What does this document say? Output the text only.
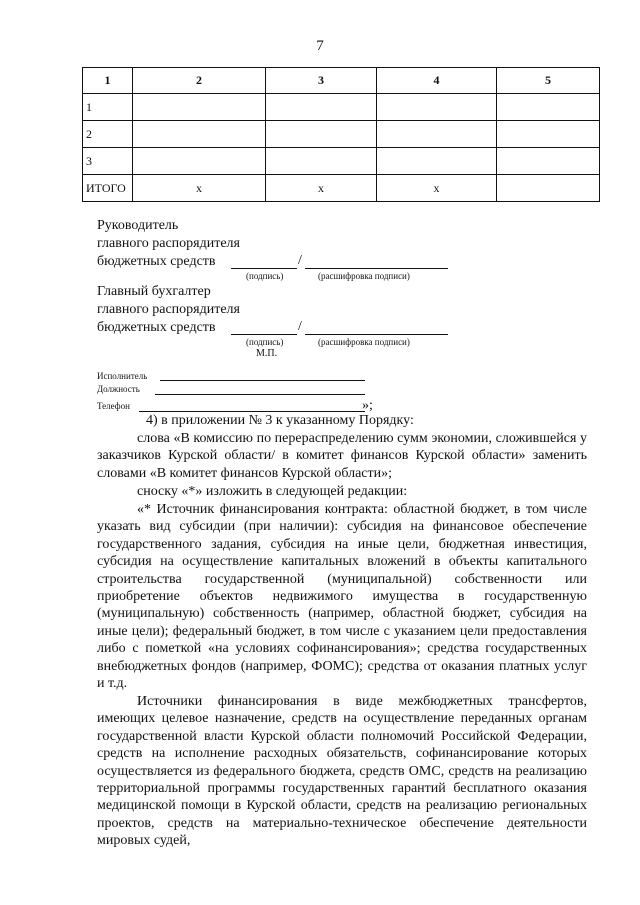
7
1	2	3	4	5
1				
2				
3				
ИТОГО	х	х	х	
Руководитель
главного распорядителя
бюджетных средств	/
(подпись)	(расшифровка подписи)
Главный бухгалтер
главного распорядителя
бюджетных средств	/
(подпись)	(расшифровка подписи)
М.П.
Исполнитель
Должность
Телефон	»;
4) в приложении № 3 к указанному Порядку:
слова «В комиссию по перераспределению сумм экономии, сложившейся у заказчиков Курской области/ в комитет финансов Курской области» заменить словами «В комитет финансов Курской области»;
сноску «*» изложить в следующей редакции:
«* Источник финансирования контракта: областной бюджет, в том числе указать вид субсидии (при наличии): субсидия на финансовое обеспечение государственного задания, субсидия на иные цели, бюджетная инвестиция, субсидия на осуществление капитальных вложений в объекты капитального строительства государственной (муниципальной) собственности или приобретение объектов недвижимого имущества в государственную (муниципальную) собственность (например, областной бюджет, субсидия на иные цели); федеральный бюджет, в том числе с указанием цели предоставления либо с пометкой «на условиях софинансирования»; средства государственных внебюджетных фондов (например, ФОМС); средства от оказания платных услуг и т.д.
Источники финансирования в виде межбюджетных трансфертов, имеющих целевое назначение, средств на осуществление переданных органам государственной власти Курской области полномочий Российской Федерации, средств на исполнение расходных обязательств, софинансирование которых осуществляется из федерального бюджета, средств ОМС, средств на реализацию территориальной программы государственных гарантий бесплатного оказания медицинской помощи в Курской области, средств на реализацию региональных проектов, средств на материально-техническое обеспечение деятельности мировых судей,
